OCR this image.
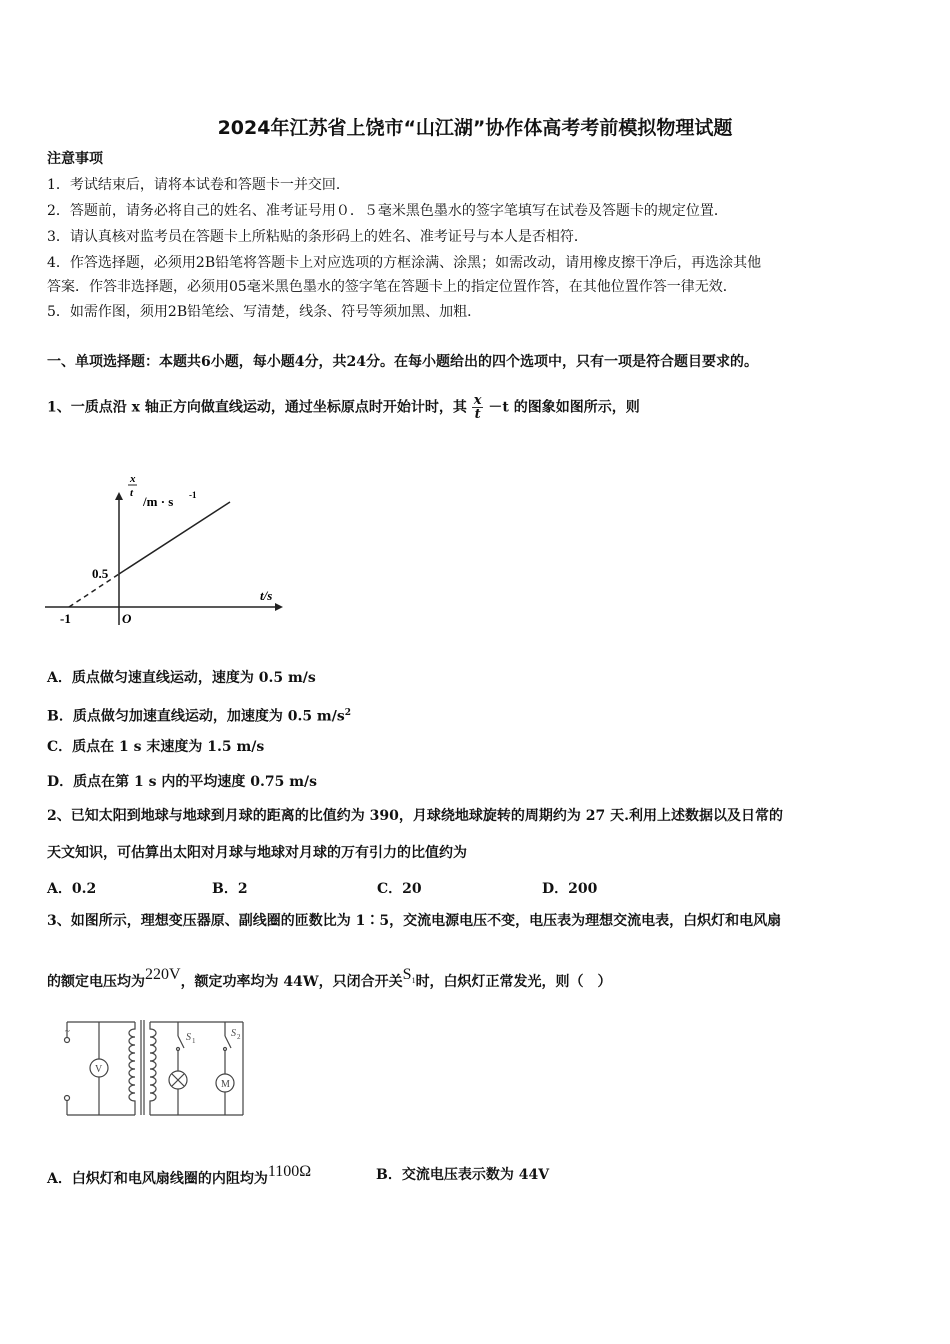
2024年江苏省上饶市“山江湖”协作体高考考前模拟物理试题
注意事项
1．考试结束后，请将本试卷和答题卡一并交回．
2．答题前，请务必将自己的姓名、准考证号用０．５毫米黑色墨水的签字笔填写在试卷及答题卡的规定位置．
3．请认真核对监考员在答题卡上所粘贴的条形码上的姓名、准考证号与本人是否相符．
4．作答选择题，必须用2B铅笔将答题卡上对应选项的方框涂满、涂黑；如需改动，请用橡皮擦干净后，再选涂其他
答案．作答非选择题，必须用05毫米黑色墨水的签字笔在答题卡上的指定位置作答，在其他位置作答一律无效．
5．如需作图，须用2B铅笔绘、写清楚，线条、符号等须加黑、加粗．
一、单项选择题：本题共6小题，每小题4分，共24分。在每小题给出的四个选项中，只有一项是符合题目要求的。
1、一质点沿 x 轴正方向做直线运动，通过坐标原点时开始计时，其 $\frac{x}{t} -t$ 的图象如图所示，则
x
t
/m · s -1
t/s
0.5
-1	O
A．质点做匀速直线运动，速度为 0.5 m/s
B．质点做匀加速直线运动，加速度为 0.5 $m/s^2$
C．质点在 1 s 末速度为 1.5 m/s
D．质点在第 1 s 内的平均速度 0.75 m/s
2、已知太阳到地球与地球到月球的距离的比值约为 390，月球绕地球旋转的周期约为 27 天.利用上述数据以及日常的
天文知识，可估算出太阳对月球与地球对月球的万有引力的比值约为
A．0.2	B．2	C．20	D．200
3、如图所示，理想变压器原、副线圈的匝数比为 1∶5，交流电源电压不变，电压表为理想交流电表，白炽灯和电风扇
的额定电压均为220V，额定功率均为 44W，只闭合开关$S_1$时，白炽灯正常发光，则（　）
~
V
M
S 1
S 2
A．白炽灯和电风扇线圈的内阻均为1100Ω	B．交流电压表示数为 44V
